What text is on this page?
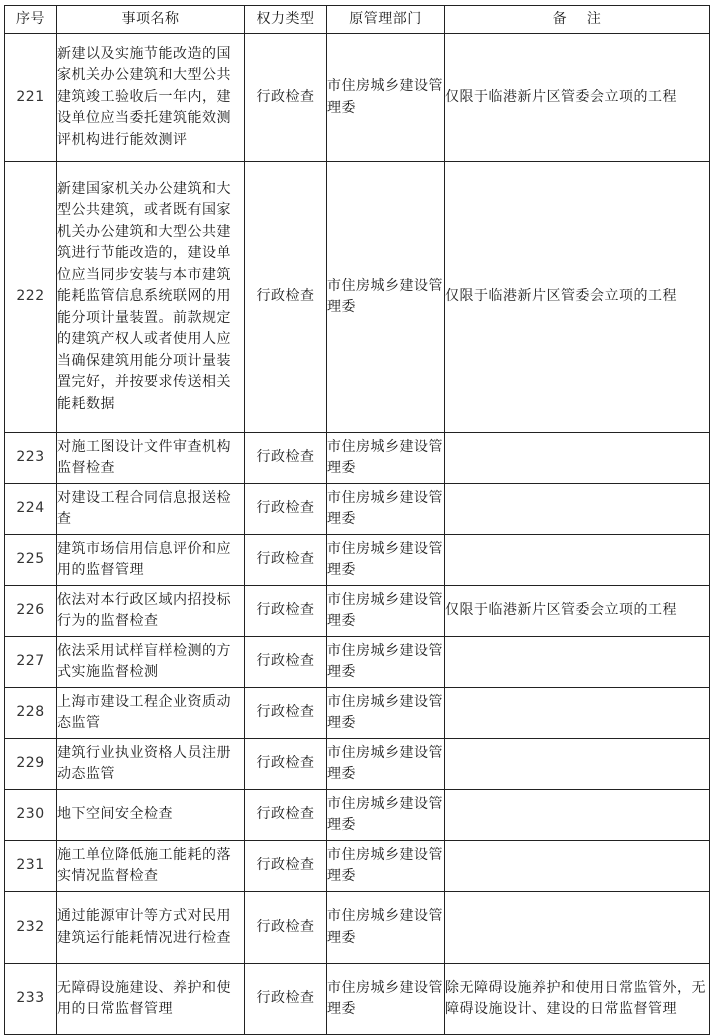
序号	事项名称	权力类型	原管理部门	备    注
221	新建以及实施节能改造的国家机关办公建筑和大型公共建筑竣工验收后一年内，建设单位应当委托建筑能效测评机构进行能效测评	行政检查	市住房城乡建设管理委	仅限于临港新片区管委会立项的工程
222	新建国家机关办公建筑和大型公共建筑，或者既有国家机关办公建筑和大型公共建筑进行节能改造的，建设单位应当同步安装与本市建筑能耗监管信息系统联网的用能分项计量装置。前款规定的建筑产权人或者使用人应当确保建筑用能分项计量装置完好，并按要求传送相关能耗数据	行政检查	市住房城乡建设管理委	仅限于临港新片区管委会立项的工程
223	对施工图设计文件审查机构监督检查	行政检查	市住房城乡建设管理委	
224	对建设工程合同信息报送检查	行政检查	市住房城乡建设管理委	
225	建筑市场信用信息评价和应用的监督管理	行政检查	市住房城乡建设管理委	
226	依法对本行政区域内招投标行为的监督检查	行政检查	市住房城乡建设管理委	仅限于临港新片区管委会立项的工程
227	依法采用试样盲样检测的方式实施监督检测	行政检查	市住房城乡建设管理委	
228	上海市建设工程企业资质动态监管	行政检查	市住房城乡建设管理委	
229	建筑行业执业资格人员注册动态监管	行政检查	市住房城乡建设管理委	
230	地下空间安全检查	行政检查	市住房城乡建设管理委	
231	施工单位降低施工能耗的落实情况监督检查	行政检查	市住房城乡建设管理委	
232	通过能源审计等方式对民用建筑运行能耗情况进行检查	行政检查	市住房城乡建设管理委	
233	无障碍设施建设、养护和使用的日常监督管理	行政检查	市住房城乡建设管理委	除无障碍设施养护和使用日常监管外，无障碍设施设计、建设的日常监督管理
